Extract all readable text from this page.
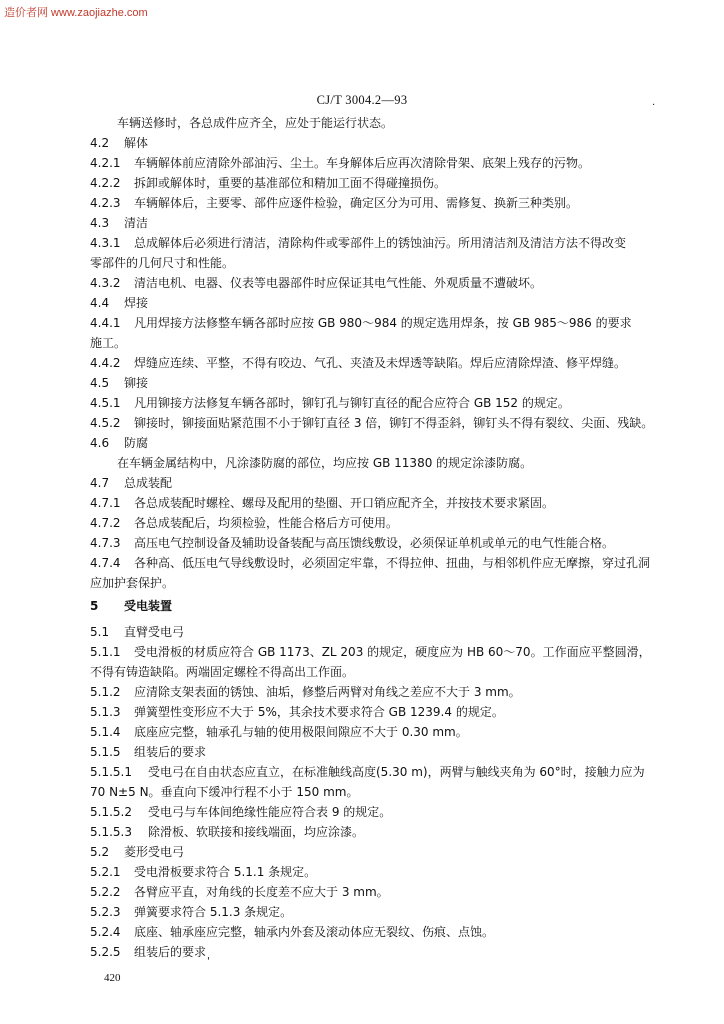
造价者网 www.zaojiazhe.com
CJ/T 3004.2—93	.
车辆送修时，各总成件应齐全，应处于能运行状态。
4.2 解体
4.2.1 车辆解体前应清除外部油污、尘土。车身解体后应再次清除骨架、底架上残存的污物。
4.2.2 拆卸或解体时，重要的基准部位和精加工面不得碰撞损伤。
4.2.3 车辆解体后，主要零、部件应逐件检验，确定区分为可用、需修复、换新三种类别。
4.3 清洁
4.3.1 总成解体后必须进行清洁，清除构件或零部件上的锈蚀油污。所用清洁剂及清洁方法不得改变
零部件的几何尺寸和性能。
4.3.2 清洁电机、电器、仪表等电器部件时应保证其电气性能、外观质量不遭破坏。
4.4 焊接
4.4.1 凡用焊接方法修整车辆各部时应按 GB 980～984 的规定选用焊条，按 GB 985～986 的要求
施工。
4.4.2 焊缝应连续、平整，不得有咬边、气孔、夹渣及未焊透等缺陷。焊后应清除焊渣、修平焊缝。
4.5 铆接
4.5.1 凡用铆接方法修复车辆各部时，铆钉孔与铆钉直径的配合应符合 GB 152 的规定。
4.5.2 铆接时，铆接面贴紧范围不小于铆钉直径 3 倍，铆钉不得歪斜，铆钉头不得有裂纹、尖面、残缺。
4.6 防腐
在车辆金属结构中，凡涂漆防腐的部位，均应按 GB 11380 的规定涂漆防腐。
4.7 总成装配
4.7.1 各总成装配时螺栓、螺母及配用的垫圈、开口销应配齐全，并按技术要求紧固。
4.7.2 各总成装配后，均须检验，性能合格后方可使用。
4.7.3 高压电气控制设备及辅助设备装配与高压馈线敷设，必须保证单机或单元的电气性能合格。
4.7.4 各种高、低压电气导线敷设时，必须固定牢靠，不得拉伸、扭曲，与相邻机件应无摩擦，穿过孔洞
应加护套保护。
5 受电装置
5.1 直臂受电弓
5.1.1 受电滑板的材质应符合 GB 1173、ZL 203 的规定，硬度应为 HB 60～70。工作面应平整圆滑，
不得有铸造缺陷。两端固定螺栓不得高出工作面。
5.1.2 应清除支架表面的锈蚀、油垢，修整后两臂对角线之差应不大于 3 mm。
5.1.3 弹簧塑性变形应不大于 5%，其余技术要求符合 GB 1239.4 的规定。
5.1.4 底座应完整，轴承孔与轴的使用极限间隙应不大于 0.30 mm。
5.1.5 组装后的要求
5.1.5.1 受电弓在自由状态应直立，在标准触线高度(5.30 m)，两臂与触线夹角为 60°时，接触力应为
70 N±5 N。垂直向下缓冲行程不小于 150 mm。
5.1.5.2 受电弓与车体间绝缘性能应符合表 9 的规定。
5.1.5.3 除滑板、软联接和接线端面，均应涂漆。
5.2 菱形受电弓
5.2.1 受电滑板要求符合 5.1.1 条规定。
5.2.2 各臂应平直，对角线的长度差不应大于 3 mm。
5.2.3 弹簧要求符合 5.1.3 条规定。
5.2.4 底座、轴承座应完整，轴承内外套及滚动体应无裂纹、伤痕、点蚀。
5.2.5 组装后的要求
'
420
